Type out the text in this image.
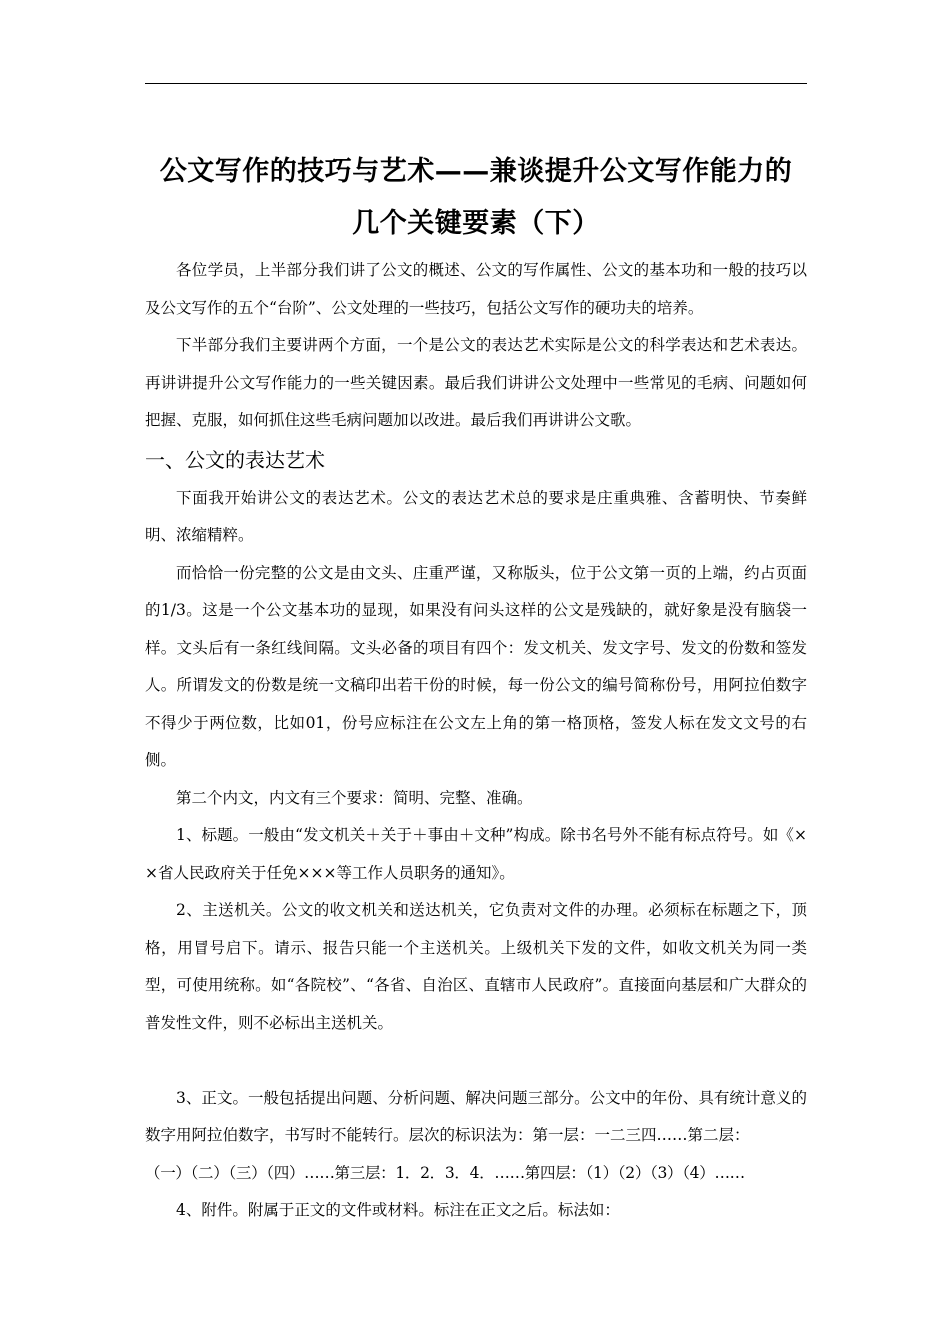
公文写作的技巧与艺术——兼谈提升公文写作能力的
几个关键要素（下）

各位学员，上半部分我们讲了公文的概述、公文的写作属性、公文的基本功和一般的技巧以及公文写作的五个“台阶”、公文处理的一些技巧，包括公文写作的硬功夫的培养。

下半部分我们主要讲两个方面，一个是公文的表达艺术实际是公文的科学表达和艺术表达。再讲讲提升公文写作能力的一些关键因素。最后我们讲讲公文处理中一些常见的毛病、问题如何把握、克服，如何抓住这些毛病问题加以改进。最后我们再讲讲公文歌。

一、公文的表达艺术

下面我开始讲公文的表达艺术。公文的表达艺术总的要求是庄重典雅、含蓄明快、节奏鲜明、浓缩精粹。

而恰恰一份完整的公文是由文头、庄重严谨，又称版头，位于公文第一页的上端，约占页面的1/3。这是一个公文基本功的显现，如果没有问头这样的公文是残缺的，就好象是没有脑袋一样。文头后有一条红线间隔。文头必备的项目有四个：发文机关、发文字号、发文的份数和签发人。所谓发文的份数是统一文稿印出若干份的时候，每一份公文的编号简称份号，用阿拉伯数字不得少于两位数，比如01，份号应标注在公文左上角的第一格顶格，签发人标在发文文号的右侧。

第二个内文，内文有三个要求：简明、完整、准确。

1、标题。一般由“发文机关＋关于＋事由＋文种”构成。除书名号外不能有标点符号。如《××省人民政府关于任免×××等工作人员职务的通知》。

2、主送机关。公文的收文机关和送达机关，它负责对文件的办理。必须标在标题之下，顶格，用冒号启下。请示、报告只能一个主送机关。上级机关下发的文件，如收文机关为同一类型，可使用统称。如“各院校”、“各省、自治区、直辖市人民政府”。直接面向基层和广大群众的普发性文件，则不必标出主送机关。

3、正文。一般包括提出问题、分析问题、解决问题三部分。公文中的年份、具有统计意义的数字用阿拉伯数字，书写时不能转行。层次的标识法为：第一层：一二三四……第二层：

（一）（二）（三）（四）……第三层：1．2．3．4．……第四层：（1）（2）（3）（4）……

4、附件。附属于正文的文件或材料。标注在正文之后。标法如：
